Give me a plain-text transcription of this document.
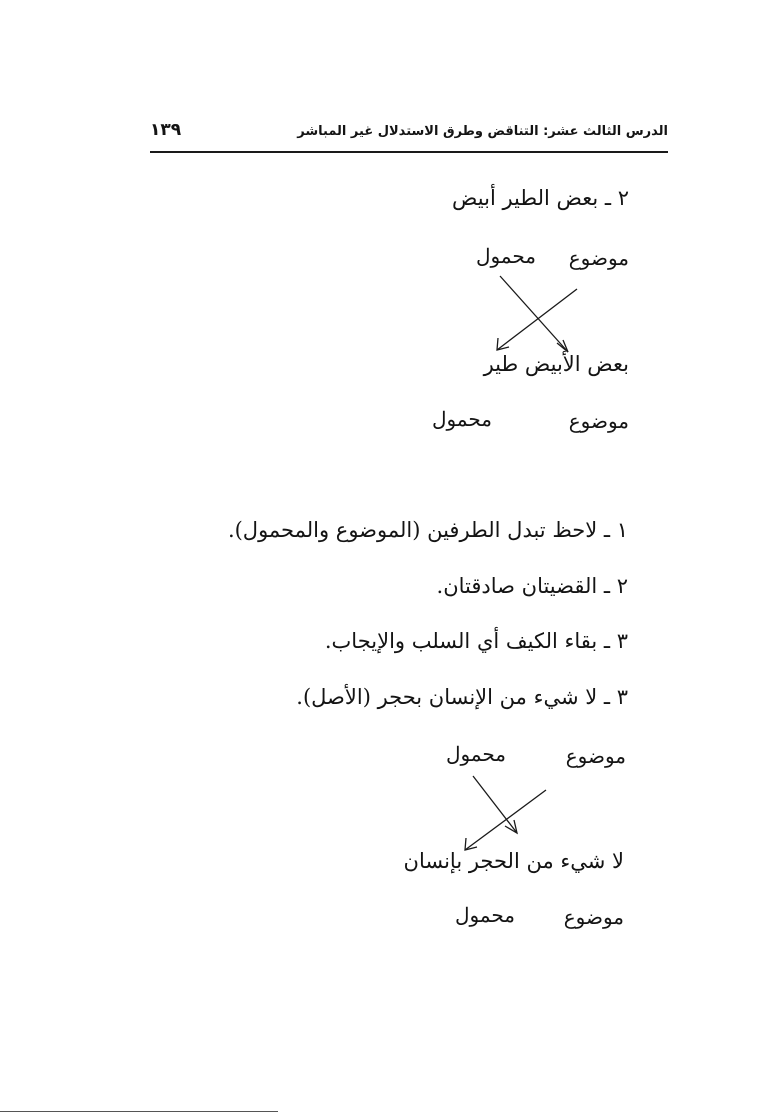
الدرس الثالث عشر: التناقض وطرق الاستدلال غير المباشر
١٣٩
٢ ـ بعض الطير أبيض
موضوع
محمول
بعض الأبيض طير
موضوع
محمول
١ ـ لاحظ تبدل الطرفين (الموضوع والمحمول).
٢ ـ القضيتان صادقتان.
٣ ـ بقاء الكيف أي السلب والإيجاب.
٣ ـ لا شيء من الإنسان بحجر (الأصل).
موضوع
محمول
لا شيء من الحجر بإنسان
موضوع
محمول
